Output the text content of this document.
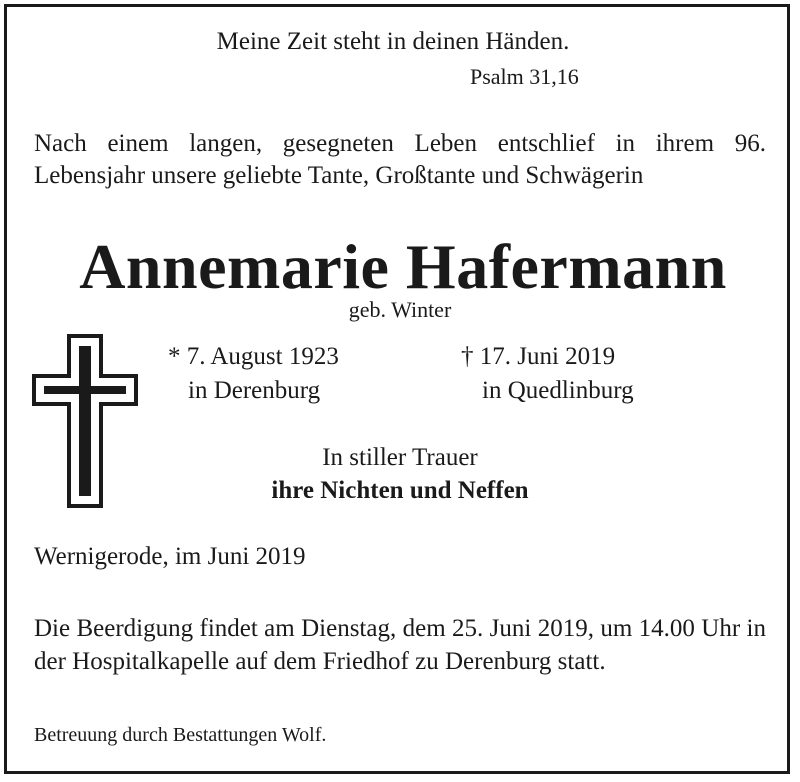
Meine Zeit steht in deinen Händen.
Psalm 31,16
Nach einem langen, gesegneten Leben entschlief in ihrem 96. Lebensjahr unsere geliebte Tante, Großtante und Schwägerin
Annemarie Hafermann
geb. Winter
* 7. August 1923
in Derenburg
† 17. Juni 2019
in Quedlinburg
In stiller Trauer
ihre Nichten und Neffen
Wernigerode, im Juni 2019
Die Beerdigung findet am Dienstag, dem 25. Juni 2019, um 14.00 Uhr in der Hospitalkapelle auf dem Friedhof zu Derenburg statt.
Betreuung durch Bestattungen Wolf.
